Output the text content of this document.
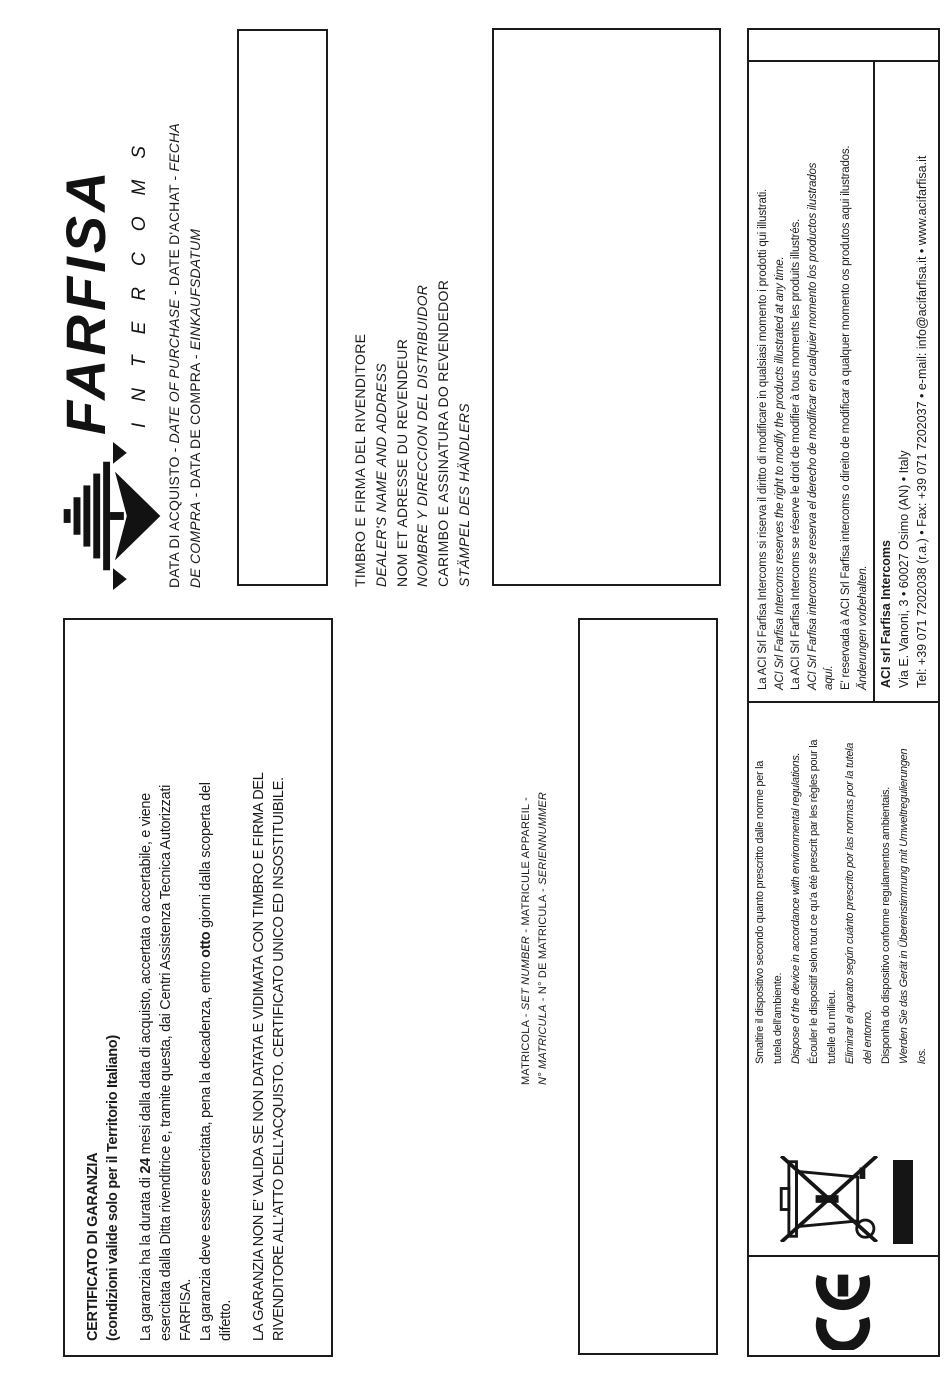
FARFISA INTERCOMS
DATA DI ACQUISTO - DATE OF PURCHASE - DATE D'ACHAT - FECHA
DE COMPRA - DATA DE COMPRA - EINKAUFSDATUM
TIMBRO E FIRMA DEL RIVENDITORE DEALER'S NAME AND ADDRESS NOM ET ADRESSE DU REVENDEUR NOMBRE Y DIRECCION DEL DISTRIBUIDOR CARIMBO E ASSINATURA DO REVENDEDOR STÄMPEL DES HÄNDLERS
CERTIFICATO DI GARANZIA (condizioni valide solo per il Territorio Italiano) La garanzia ha la durata di 24 mesi dalla data di acquisto, accertata o accertabile, e viene esercitata dalla Ditta rivenditrice e, tramite questa, dai Centri Assistenza Tecnica Autorizzati FARFISA. La garanzia deve essere esercitata, pena la decadenza, entro otto giorni dalla scoperta del
difetto. LA GARANZIA NON E' VALIDA SE NON DATATA E VIDIMATA CON TIMBRO E FIRMA DEL RIVENDITORE ALL'ATTO DELL'ACQUISTO. CERTIFICATO UNICO ED INSOSTITUIBILE.	MATRICOLA - SET NUMBER - MATRICULE APPAREIL -
N° MATRICULA - N° DE MATRICULA - SERIENNUMMER
La ACI Srl Farfisa Intercoms si riserva il diritto di modificare in qualsiasi momento i prodotti qui illustrati. ACI Srl Farfisa Intercoms reserves the right to modify the products illustrated at any time. La ACI Srl Farfisa Intercoms se réserve le droit de modifier à tous moments les produits illustrés. ACI Srl Farfisa intercoms se reserva el derecho de modificar en cualquier momento los productos ilustrados aquí. E' reservada à ACI Srl Farfisa intercoms o direito de modificar a qualquer momento os produtos aqui ilustrados. Änderungen vorbehalten. ACI srl Farfisa Intercoms Via E. Vanoni, 3 • 60027 Osimo (AN) • Italy Tel: +39 071 7202038 (r.a.) • Fax: +39 071 7202037 • e-mail: info@acifarfisa.it • www.acifarfisa.it
Smaltire il dispositivo secondo quanto prescritto dalle norme per la tutela dell'ambiente. Dispose of the device in accordance with environmental regulations. Écouler le dispositif selon tout ce qu'a été prescrit par les règles pour la tutelle du milieu. Eliminar el aparato según cuánto prescrito por las normas por la tutela del entorno. Disponha do dispositivo conforme regulamentos ambientais. Werden Sie das Gerät in Übereinstimmung mit Umweltregulierungen los.
